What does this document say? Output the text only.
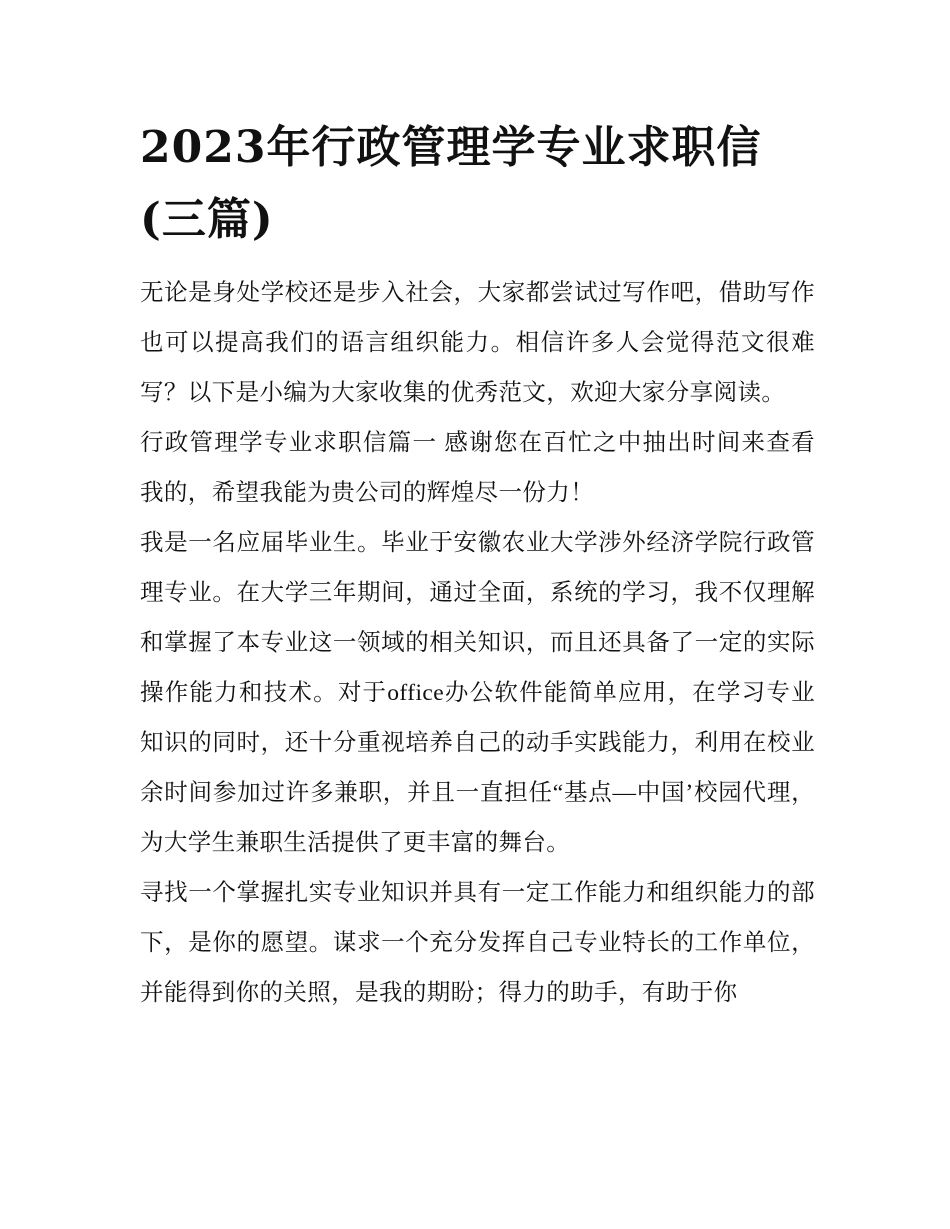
2023年行政管理学专业求职信(三篇)

无论是身处学校还是步入社会，大家都尝试过写作吧，借助写作也可以提高我们的语言组织能力。相信许多人会觉得范文很难写？以下是小编为大家收集的优秀范文，欢迎大家分享阅读。

行政管理学专业求职信篇一 感谢您在百忙之中抽出时间来查看我的，希望我能为贵公司的辉煌尽一份力！

我是一名应届毕业生。毕业于安徽农业大学涉外经济学院行政管理专业。在大学三年期间，通过全面，系统的学习，我不仅理解和掌握了本专业这一领域的相关知识，而且还具备了一定的实际操作能力和技术。对于office办公软件能简单应用，在学习专业知识的同时，还十分重视培养自己的动手实践能力，利用在校业余时间参加过许多兼职，并且一直担任“基点—中国’校园代理，为大学生兼职生活提供了更丰富的舞台。

寻找一个掌握扎实专业知识并具有一定工作能力和组织能力的部下，是你的愿望。谋求一个充分发挥自己专业特长的工作单位，并能得到你的关照，是我的期盼；得力的助手，有助于你
